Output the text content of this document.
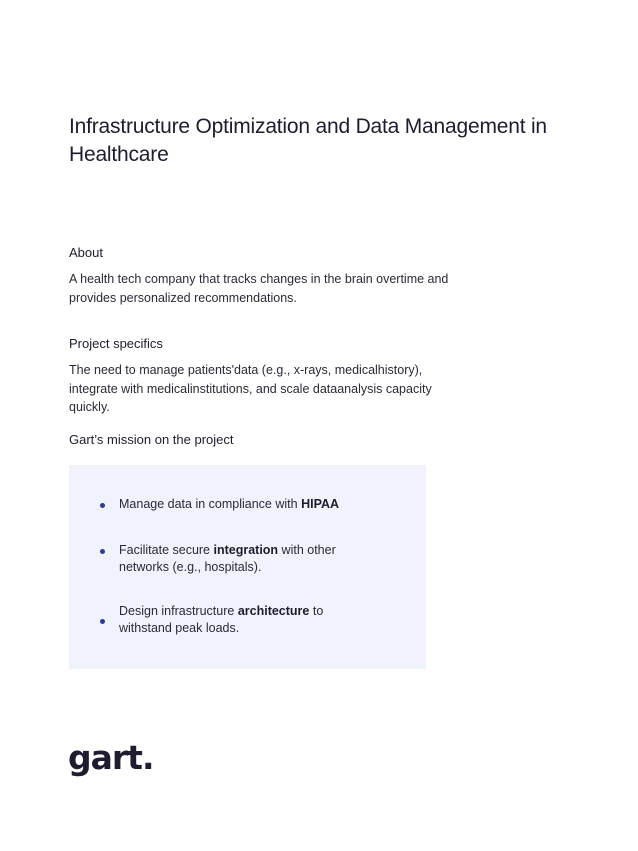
Infrastructure Optimization and Data Management in Healthcare
About

A health tech company that tracks changes in the brain overtime and provides personalized recommendations.

Project specifics

The need to manage patients'data (e.g., x-rays, medicalhistory), integrate with medicalinstitutions, and scale dataanalysis capacity quickly.

Gart’s mission on the project
Manage data in compliance with HIPAA
Facilitate secure integration with other networks (e.g., hospitals).
Design infrastructure architecture to withstand peak loads.
gart.
